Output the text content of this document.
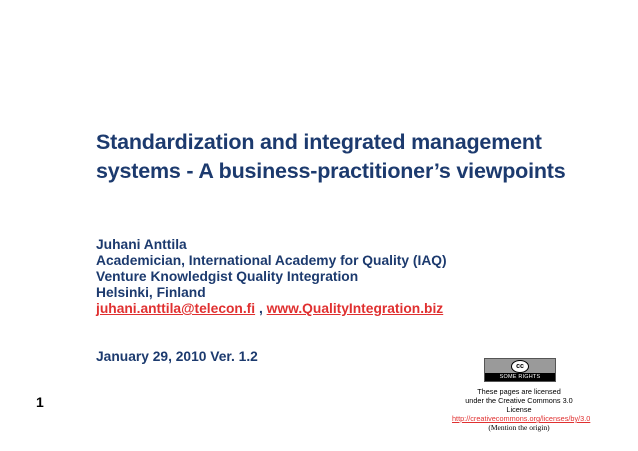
Standardization and integrated management
systems - A business-practitioner’s viewpoints
Juhani Anttila
Academician, International Academy for Quality (IAQ)
Venture Knowledgist Quality Integration
Helsinki, Finland
juhani.anttila@telecon.fi , www.QualityIntegration.biz
January 29, 2010 Ver. 1.2
1
cc
SOME RIGHTS RESERVED
These pages are licensed
under the Creative Commons 3.0 License
http://creativecommons.org/licenses/by/3.0
(Mention the origin)
